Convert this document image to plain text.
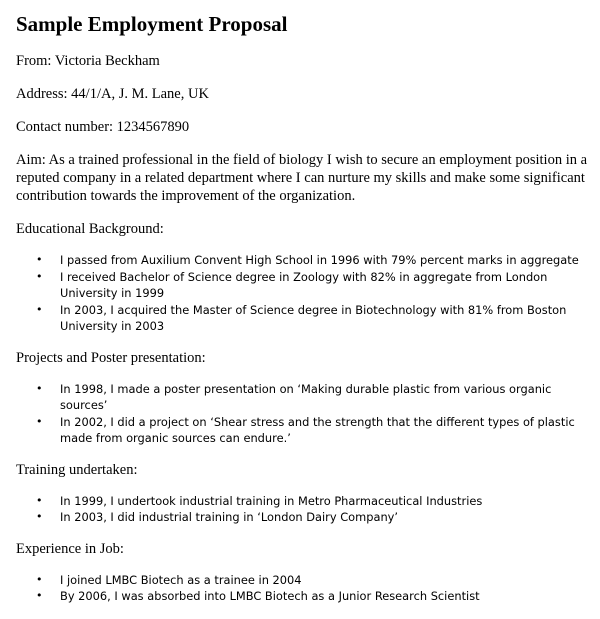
Sample Employment Proposal

From: Victoria Beckham

Address: 44/1/A, J. M. Lane, UK

Contact number: 1234567890

Aim: As a trained professional in the field of biology I wish to secure an employment position in a reputed company in a related department where I can nurture my skills and make some significant contribution towards the improvement of the organization.

Educational Background:

• I passed from Auxilium Convent High School in 1996 with 79% percent marks in aggregate
• I received Bachelor of Science degree in Zoology with 82% in aggregate from London University in 1999
• In 2003, I acquired the Master of Science degree in Biotechnology with 81% from Boston University in 2003

Projects and Poster presentation:

• In 1998, I made a poster presentation on ‘Making durable plastic from various organic sources’
• In 2002, I did a project on ‘Shear stress and the strength that the different types of plastic made from organic sources can endure.’

Training undertaken:

• In 1999, I undertook industrial training in Metro Pharmaceutical Industries
• In 2003, I did industrial training in ‘London Dairy Company’

Experience in Job:

• I joined LMBC Biotech as a trainee in 2004
• By 2006, I was absorbed into LMBC Biotech as a Junior Research Scientist
